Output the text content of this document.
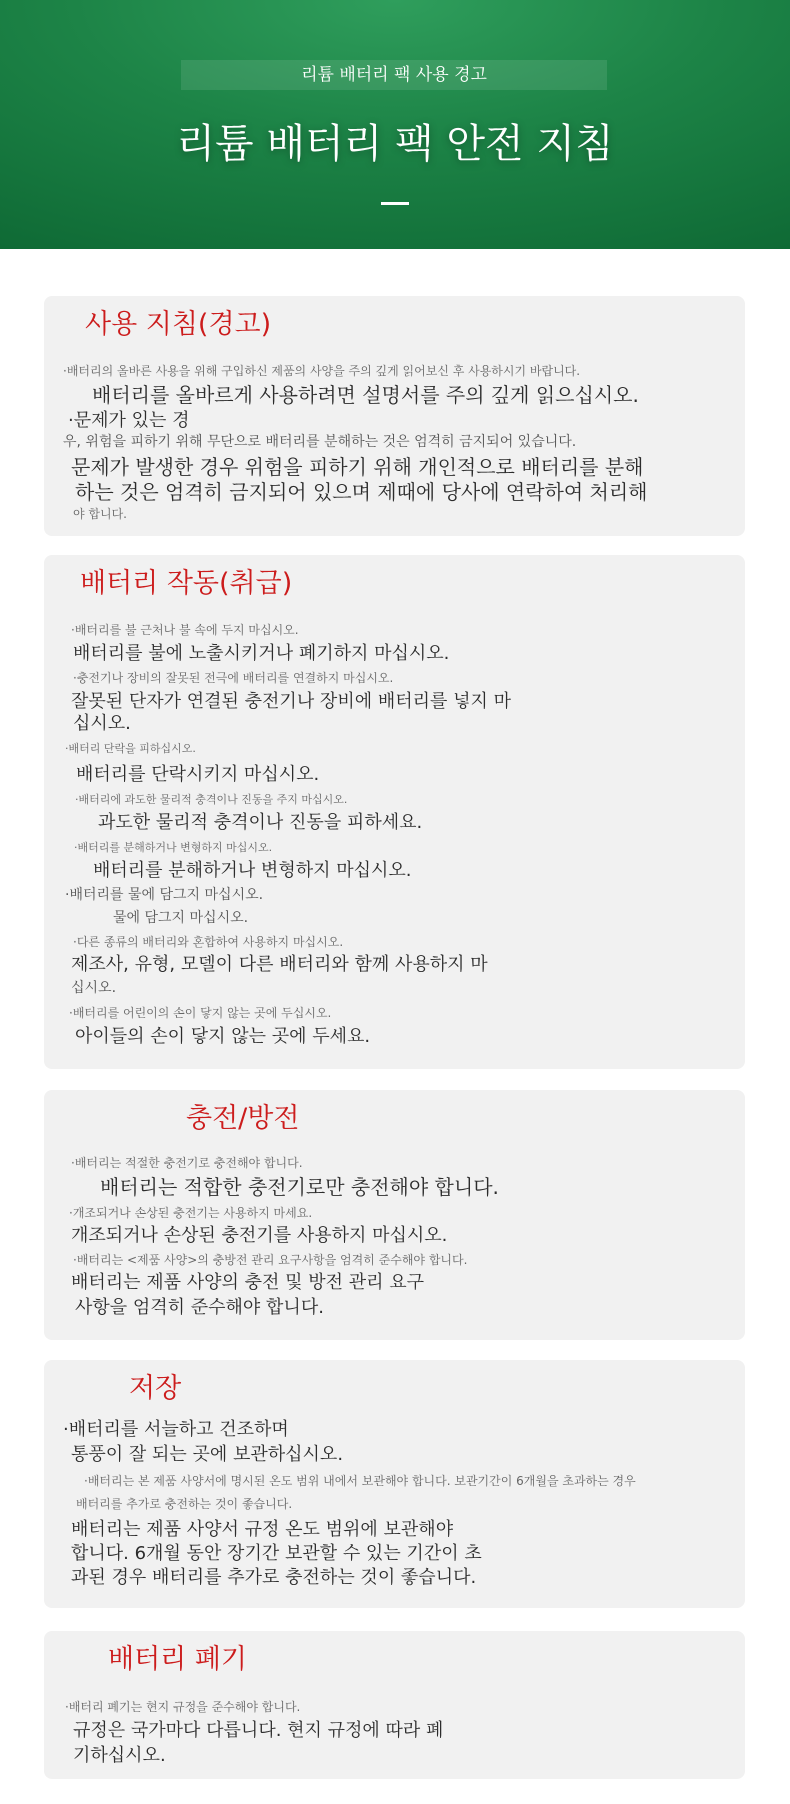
리튬 배터리 팩 사용 경고
리튬 배터리 팩 안전 지침
사용 지침(경고)
·배터리의 올바른 사용을 위해 구입하신 제품의 사양을 주의 깊게 읽어보신 후 사용하시기 바랍니다.
배터리를 올바르게 사용하려면 설명서를 주의 깊게 읽으십시오.
·문제가 있는 경
우, 위험을 피하기 위해 무단으로 배터리를 분해하는 것은 엄격히 금지되어 있습니다.
문제가 발생한 경우 위험을 피하기 위해 개인적으로 배터리를 분해
하는 것은 엄격히 금지되어 있으며 제때에 당사에 연락하여 처리해
야 합니다.
배터리 작동(취급)
·배터리를 불 근처나 불 속에 두지 마십시오.
배터리를 불에 노출시키거나 폐기하지 마십시오.
·충전기나 장비의 잘못된 전극에 배터리를 연결하지 마십시오.
잘못된 단자가 연결된 충전기나 장비에 배터리를 넣지 마
십시오.
·배터리 단락을 피하십시오.
배터리를 단락시키지 마십시오.
·배터리에 과도한 물리적 충격이나 진동을 주지 마십시오.
과도한 물리적 충격이나 진동을 피하세요.
·배터리를 분해하거나 변형하지 마십시오.
배터리를 분해하거나 변형하지 마십시오.
·배터리를 물에 담그지 마십시오.
물에 담그지 마십시오.
·다른 종류의 배터리와 혼합하여 사용하지 마십시오.
제조사, 유형, 모델이 다른 배터리와 함께 사용하지 마
십시오.
·배터리를 어린이의 손이 닿지 않는 곳에 두십시오.
아이들의 손이 닿지 않는 곳에 두세요.
충전/방전
·배터리는 적절한 충전기로 충전해야 합니다.
배터리는 적합한 충전기로만 충전해야 합니다.
·개조되거나 손상된 충전기는 사용하지 마세요.
개조되거나 손상된 충전기를 사용하지 마십시오.
·배터리는 <제품 사양>의 충방전 관리 요구사항을 엄격히 준수해야 합니다.
배터리는 제품 사양의 충전 및 방전 관리 요구
사항을 엄격히 준수해야 합니다.
저장
·배터리를 서늘하고 건조하며
통풍이 잘 되는 곳에 보관하십시오.
·배터리는 본 제품 사양서에 명시된 온도 범위 내에서 보관해야 합니다. 보관기간이 6개월을 초과하는 경우
배터리를 추가로 충전하는 것이 좋습니다.
배터리는 제품 사양서 규정 온도 범위에 보관해야
합니다. 6개월 동안 장기간 보관할 수 있는 기간이 초
과된 경우 배터리를 추가로 충전하는 것이 좋습니다.
배터리 폐기
·배터리 폐기는 현지 규정을 준수해야 합니다.
규정은 국가마다 다릅니다. 현지 규정에 따라 폐
기하십시오.
